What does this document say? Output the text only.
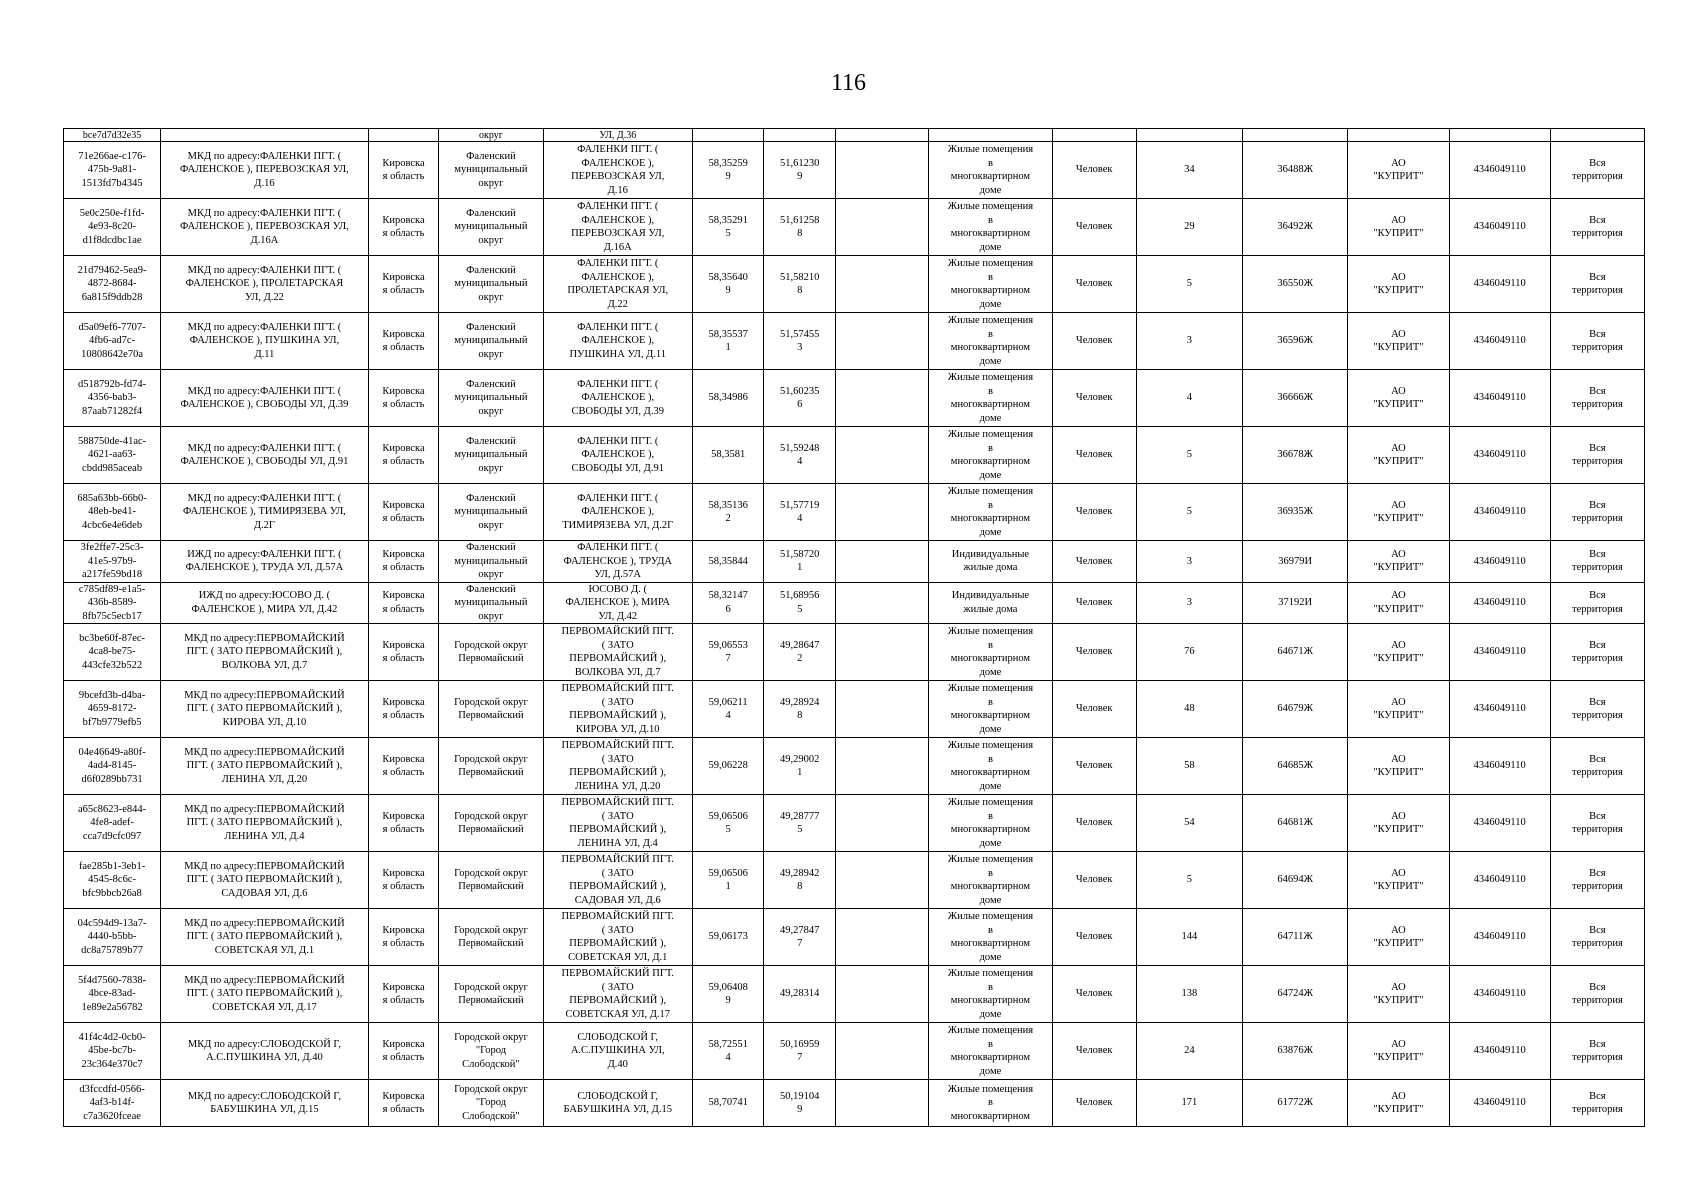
116
bce7d7d32e35			округ	УЛ, Д.36										
71e266ae-c176-
475b-9a81-
1513fd7b4345	МКД по адресу:ФАЛЕНКИ ПГТ. (
ФАЛЕНСКОЕ ), ПЕРЕВОЗСКАЯ УЛ,
Д.16	Кировска
я область	Фаленский
муниципальный
округ	ФАЛЕНКИ ПГТ. (
ФАЛЕНСКОЕ ),
ПЕРЕВОЗСКАЯ УЛ,
Д.16	58,35259
9	51,61230
9		Жилые помещения
в
многоквартирном
доме	Человек	34	36488Ж	АО
"КУПРИТ"	4346049110	Вся
территория
5e0c250e-f1fd-
4e93-8c20-
d1f8dcdbc1ae	МКД по адресу:ФАЛЕНКИ ПГТ. (
ФАЛЕНСКОЕ ), ПЕРЕВОЗСКАЯ УЛ,
Д.16А	Кировска
я область	Фаленский
муниципальный
округ	ФАЛЕНКИ ПГТ. (
ФАЛЕНСКОЕ ),
ПЕРЕВОЗСКАЯ УЛ,
Д.16А	58,35291
5	51,61258
8		Жилые помещения
в
многоквартирном
доме	Человек	29	36492Ж	АО
"КУПРИТ"	4346049110	Вся
территория
21d79462-5ea9-
4872-8684-
6a815f9ddb28	МКД по адресу:ФАЛЕНКИ ПГТ. (
ФАЛЕНСКОЕ ), ПРОЛЕТАРСКАЯ
УЛ, Д.22	Кировска
я область	Фаленский
муниципальный
округ	ФАЛЕНКИ ПГТ. (
ФАЛЕНСКОЕ ),
ПРОЛЕТАРСКАЯ УЛ,
Д.22	58,35640
9	51,58210
8		Жилые помещения
в
многоквартирном
доме	Человек	5	36550Ж	АО
"КУПРИТ"	4346049110	Вся
территория
d5a09ef6-7707-
4fb6-ad7c-
10808642e70a	МКД по адресу:ФАЛЕНКИ ПГТ. (
ФАЛЕНСКОЕ ), ПУШКИНА УЛ,
Д.11	Кировска
я область	Фаленский
муниципальный
округ	ФАЛЕНКИ ПГТ. (
ФАЛЕНСКОЕ ),
ПУШКИНА УЛ, Д.11	58,35537
1	51,57455
3		Жилые помещения
в
многоквартирном
доме	Человек	3	36596Ж	АО
"КУПРИТ"	4346049110	Вся
территория
d518792b-fd74-
4356-bab3-
87aab71282f4	МКД по адресу:ФАЛЕНКИ ПГТ. (
ФАЛЕНСКОЕ ), СВОБОДЫ УЛ, Д.39	Кировска
я область	Фаленский
муниципальный
округ	ФАЛЕНКИ ПГТ. (
ФАЛЕНСКОЕ ),
СВОБОДЫ УЛ, Д.39	58,34986	51,60235
6		Жилые помещения
в
многоквартирном
доме	Человек	4	36666Ж	АО
"КУПРИТ"	4346049110	Вся
территория
588750de-41ac-
4621-aa63-
cbdd985aceab	МКД по адресу:ФАЛЕНКИ ПГТ. (
ФАЛЕНСКОЕ ), СВОБОДЫ УЛ, Д.91	Кировска
я область	Фаленский
муниципальный
округ	ФАЛЕНКИ ПГТ. (
ФАЛЕНСКОЕ ),
СВОБОДЫ УЛ, Д.91	58,3581	51,59248
4		Жилые помещения
в
многоквартирном
доме	Человек	5	36678Ж	АО
"КУПРИТ"	4346049110	Вся
территория
685a63bb-66b0-
48eb-be41-
4cbc6e4e6deb	МКД по адресу:ФАЛЕНКИ ПГТ. (
ФАЛЕНСКОЕ ), ТИМИРЯЗЕВА УЛ,
Д.2Г	Кировска
я область	Фаленский
муниципальный
округ	ФАЛЕНКИ ПГТ. (
ФАЛЕНСКОЕ ),
ТИМИРЯЗЕВА УЛ, Д.2Г	58,35136
2	51,57719
4		Жилые помещения
в
многоквартирном
доме	Человек	5	36935Ж	АО
"КУПРИТ"	4346049110	Вся
территория
3fe2ffe7-25c3-
41e5-97b9-
a217fe59bd18	ИЖД по адресу:ФАЛЕНКИ ПГТ. (
ФАЛЕНСКОЕ ), ТРУДА УЛ, Д.57А	Кировска
я область	Фаленский
муниципальный
округ	ФАЛЕНКИ ПГТ. (
ФАЛЕНСКОЕ ), ТРУДА
УЛ, Д.57А	58,35844	51,58720
1		Индивидуальные
жилые дома	Человек	3	36979И	АО
"КУПРИТ"	4346049110	Вся
территория
c785df89-e1a5-
436b-8589-
8fb75c5ecb17	ИЖД по адресу:ЮСОВО Д. (
ФАЛЕНСКОЕ ), МИРА УЛ, Д.42	Кировска
я область	Фаленский
муниципальный
округ	ЮСОВО Д. (
ФАЛЕНСКОЕ ), МИРА
УЛ, Д.42	58,32147
6	51,68956
5		Индивидуальные
жилые дома	Человек	3	37192И	АО
"КУПРИТ"	4346049110	Вся
территория
bc3be60f-87ec-
4ca8-be75-
443cfe32b522	МКД по адресу:ПЕРВОМАЙСКИЙ
ПГТ. ( ЗАТО ПЕРВОМАЙСКИЙ ),
ВОЛКОВА УЛ, Д.7	Кировска
я область	Городской округ
Первомайский	ПЕРВОМАЙСКИЙ ПГТ.
( ЗАТО
ПЕРВОМАЙСКИЙ ),
ВОЛКОВА УЛ, Д.7	59,06553
7	49,28647
2		Жилые помещения
в
многоквартирном
доме	Человек	76	64671Ж	АО
"КУПРИТ"	4346049110	Вся
территория
9bcefd3b-d4ba-
4659-8172-
bf7b9779efb5	МКД по адресу:ПЕРВОМАЙСКИЙ
ПГТ. ( ЗАТО ПЕРВОМАЙСКИЙ ),
КИРОВА УЛ, Д.10	Кировска
я область	Городской округ
Первомайский	ПЕРВОМАЙСКИЙ ПГТ.
( ЗАТО
ПЕРВОМАЙСКИЙ ),
КИРОВА УЛ, Д.10	59,06211
4	49,28924
8		Жилые помещения
в
многоквартирном
доме	Человек	48	64679Ж	АО
"КУПРИТ"	4346049110	Вся
территория
04e46649-a80f-
4ad4-8145-
d6f0289bb731	МКД по адресу:ПЕРВОМАЙСКИЙ
ПГТ. ( ЗАТО ПЕРВОМАЙСКИЙ ),
ЛЕНИНА УЛ, Д.20	Кировска
я область	Городской округ
Первомайский	ПЕРВОМАЙСКИЙ ПГТ.
( ЗАТО
ПЕРВОМАЙСКИЙ ),
ЛЕНИНА УЛ, Д.20	59,06228	49,29002
1		Жилые помещения
в
многоквартирном
доме	Человек	58	64685Ж	АО
"КУПРИТ"	4346049110	Вся
территория
a65c8623-e844-
4fe8-adef-
cca7d9cfc097	МКД по адресу:ПЕРВОМАЙСКИЙ
ПГТ. ( ЗАТО ПЕРВОМАЙСКИЙ ),
ЛЕНИНА УЛ, Д.4	Кировска
я область	Городской округ
Первомайский	ПЕРВОМАЙСКИЙ ПГТ.
( ЗАТО
ПЕРВОМАЙСКИЙ ),
ЛЕНИНА УЛ, Д.4	59,06506
5	49,28777
5		Жилые помещения
в
многоквартирном
доме	Человек	54	64681Ж	АО
"КУПРИТ"	4346049110	Вся
территория
fae285b1-3eb1-
4545-8c6c-
bfc9bbcb26a8	МКД по адресу:ПЕРВОМАЙСКИЙ
ПГТ. ( ЗАТО ПЕРВОМАЙСКИЙ ),
САДОВАЯ УЛ, Д.6	Кировска
я область	Городской округ
Первомайский	ПЕРВОМАЙСКИЙ ПГТ.
( ЗАТО
ПЕРВОМАЙСКИЙ ),
САДОВАЯ УЛ, Д.6	59,06506
1	49,28942
8		Жилые помещения
в
многоквартирном
доме	Человек	5	64694Ж	АО
"КУПРИТ"	4346049110	Вся
территория
04c594d9-13a7-
4440-b5bb-
dc8a75789b77	МКД по адресу:ПЕРВОМАЙСКИЙ
ПГТ. ( ЗАТО ПЕРВОМАЙСКИЙ ),
СОВЕТСКАЯ УЛ, Д.1	Кировска
я область	Городской округ
Первомайский	ПЕРВОМАЙСКИЙ ПГТ.
( ЗАТО
ПЕРВОМАЙСКИЙ ),
СОВЕТСКАЯ УЛ, Д.1	59,06173	49,27847
7		Жилые помещения
в
многоквартирном
доме	Человек	144	64711Ж	АО
"КУПРИТ"	4346049110	Вся
территория
5f4d7560-7838-
4bce-83ad-
1e89e2a56782	МКД по адресу:ПЕРВОМАЙСКИЙ
ПГТ. ( ЗАТО ПЕРВОМАЙСКИЙ ),
СОВЕТСКАЯ УЛ, Д.17	Кировска
я область	Городской округ
Первомайский	ПЕРВОМАЙСКИЙ ПГТ.
( ЗАТО
ПЕРВОМАЙСКИЙ ),
СОВЕТСКАЯ УЛ, Д.17	59,06408
9	49,28314		Жилые помещения
в
многоквартирном
доме	Человек	138	64724Ж	АО
"КУПРИТ"	4346049110	Вся
территория
41f4c4d2-0cb0-
45be-bc7b-
23c364e370c7	МКД по адресу:СЛОБОДСКОЙ Г,
А.С.ПУШКИНА УЛ, Д.40	Кировска
я область	Городской округ
"Город
Слободской"	СЛОБОДСКОЙ Г,
А.С.ПУШКИНА УЛ,
Д.40	58,72551
4	50,16959
7		Жилые помещения
в
многоквартирном
доме	Человек	24	63876Ж	АО
"КУПРИТ"	4346049110	Вся
территория
d3fccdfd-0566-
4af3-b14f-
c7a3620fceae	МКД по адресу:СЛОБОДСКОЙ Г,
БАБУШКИНА УЛ, Д.15	Кировска
я область	Городской округ
"Город
Слободской"	СЛОБОДСКОЙ Г,
БАБУШКИНА УЛ, Д.15	58,70741	50,19104
9		Жилые помещения
в
многоквартирном	Человек	171	61772Ж	АО
"КУПРИТ"	4346049110	Вся
территория
